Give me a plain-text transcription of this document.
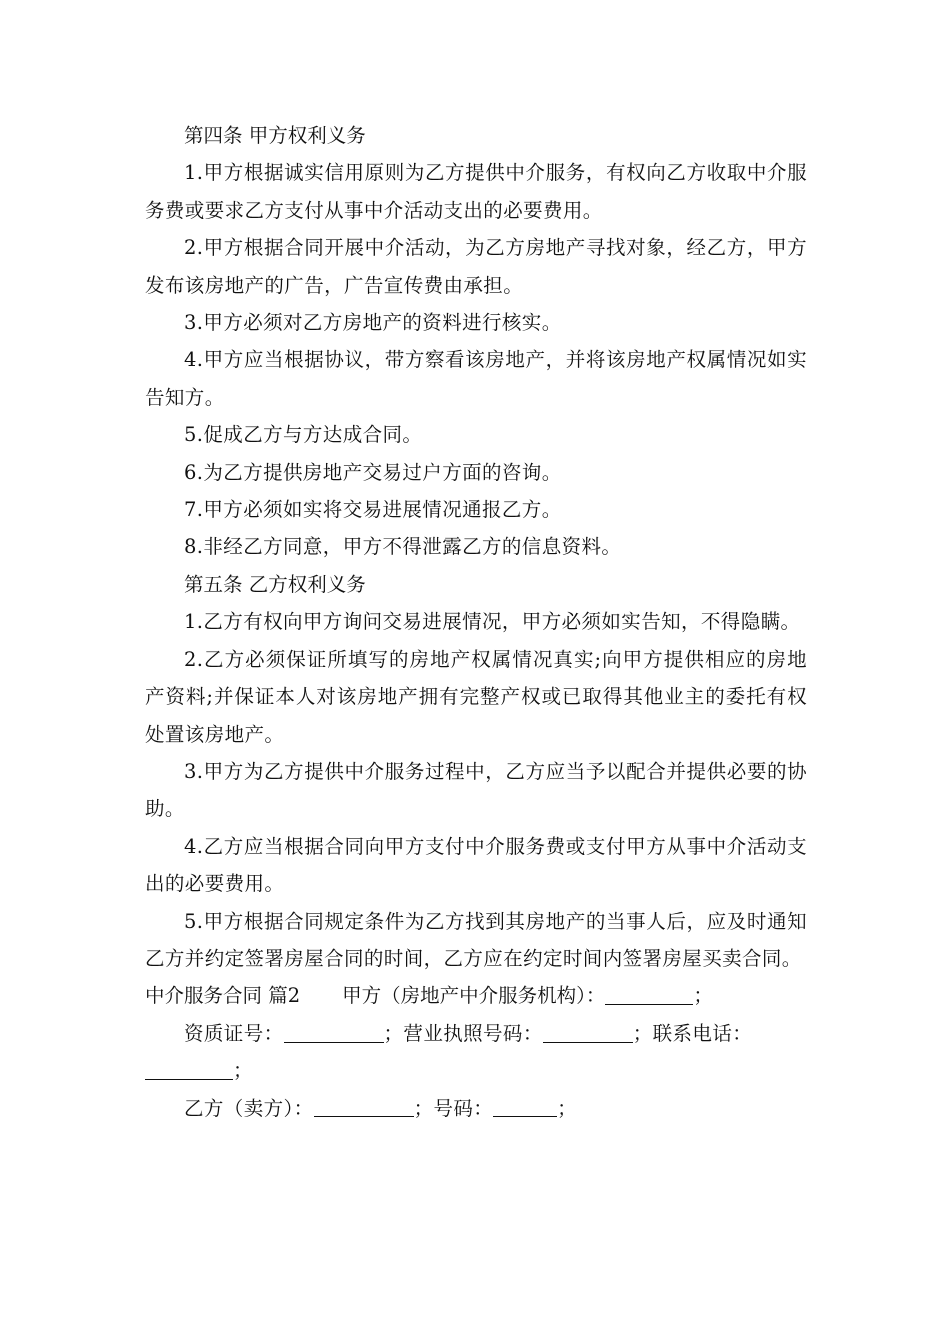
第四条 甲方权利义务

1.甲方根据诚实信用原则为乙方提供中介服务，有权向乙方收取中介服务费或要求乙方支付从事中介活动支出的必要费用。

2.甲方根据合同开展中介活动，为乙方房地产寻找对象，经乙方，甲方发布该房地产的广告，广告宣传费由承担。

3.甲方必须对乙方房地产的资料进行核实。

4.甲方应当根据协议，带方察看该房地产，并将该房地产权属情况如实告知方。

5.促成乙方与方达成合同。

6.为乙方提供房地产交易过户方面的咨询。

7.甲方必须如实将交易进展情况通报乙方。

8.非经乙方同意，甲方不得泄露乙方的信息资料。

第五条 乙方权利义务

1.乙方有权向甲方询问交易进展情况，甲方必须如实告知，不得隐瞒。

2.乙方必须保证所填写的房地产权属情况真实;向甲方提供相应的房地产资料;并保证本人对该房地产拥有完整产权或已取得其他业主的委托有权处置该房地产。

3.甲方为乙方提供中介服务过程中，乙方应当予以配合并提供必要的协助。

4.乙方应当根据合同向甲方支付中介服务费或支付甲方从事中介活动支出的必要费用。

5.甲方根据合同规定条件为乙方找到其房地产的当事人后，应及时通知乙方并约定签署房屋合同的时间，乙方应在约定时间内签署房屋买卖合同。

中介服务合同 篇2 甲方（房地产中介服务机构）：	；

资质证号：	；营业执照号码：	；联系电话：

；

乙方（卖方）：	；号码：	；
